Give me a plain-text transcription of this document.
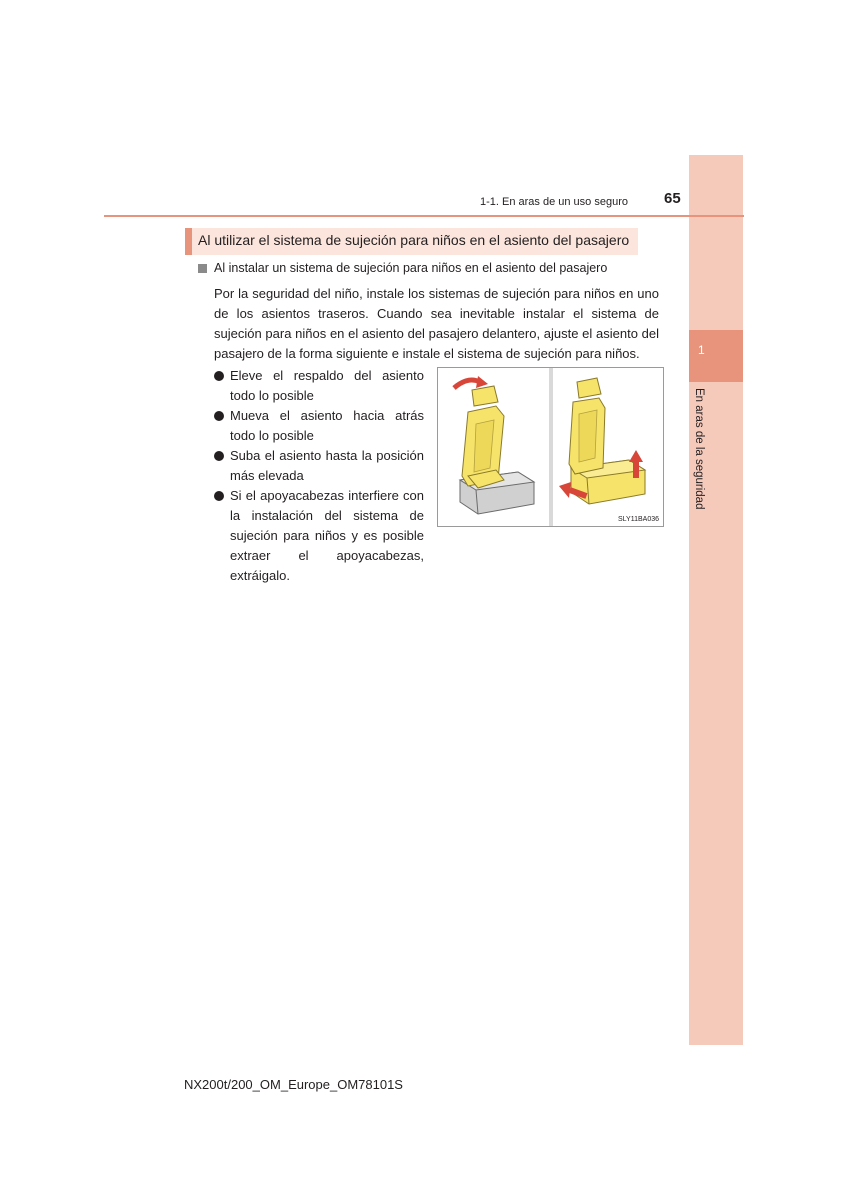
1
En aras de la seguridad
1-1. En aras de un uso seguro 65
Al utilizar el sistema de sujeción para niños en el asiento del pasajero
Al instalar un sistema de sujeción para niños en el asiento del pasajero
Por la seguridad del niño, instale los sistemas de sujeción para niños en uno de los asientos traseros. Cuando sea inevitable instalar el sistema de sujeción para niños en el asiento del pasajero delantero, ajuste el asiento del pasajero de la forma siguiente e instale el sistema de sujeción para niños.
Eleve el respaldo del asiento todo lo posible
Mueva el asiento hacia atrás todo lo posible
Suba el asiento hasta la posición más elevada
Si el apoyacabezas interfiere con la instalación del sistema de sujeción para niños y es posible extraer el apoyacabezas, extráigalo.
SLY11BA036
NX200t/200_OM_Europe_OM78101S
